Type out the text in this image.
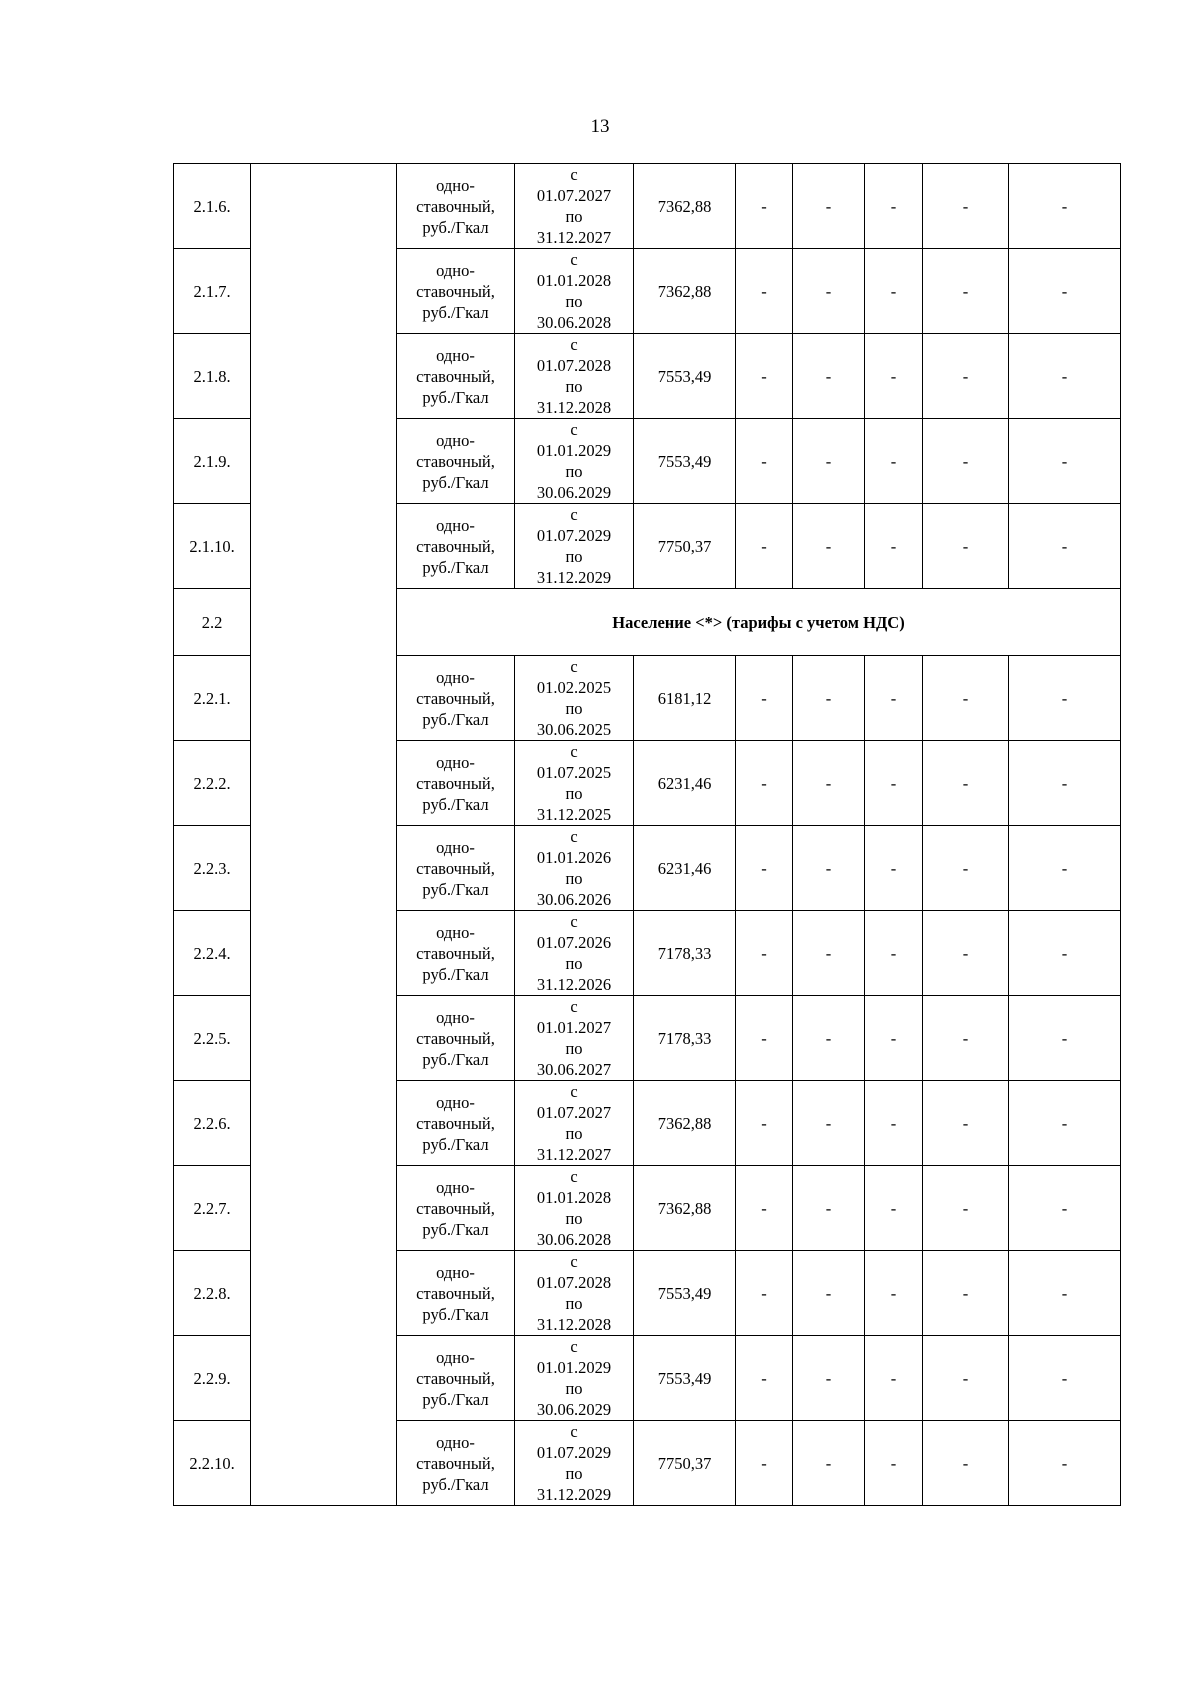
13
2.1.6.		одно-
ставочный,
руб./Гкал	с
01.07.2027
по
31.12.2027	7362,88	-	-	-	-	-
2.1.7.		одно-
ставочный,
руб./Гкал	с
01.01.2028
по
30.06.2028	7362,88	-	-	-	-	-
2.1.8.		одно-
ставочный,
руб./Гкал	с
01.07.2028
по
31.12.2028	7553,49	-	-	-	-	-
2.1.9.		одно-
ставочный,
руб./Гкал	с
01.01.2029
по
30.06.2029	7553,49	-	-	-	-	-
2.1.10.		одно-
ставочный,
руб./Гкал	с
01.07.2029
по
31.12.2029	7750,37	-	-	-	-	-
2.2		Население <*> (тарифы с учетом НДС)							
2.2.1.		одно-
ставочный,
руб./Гкал	с
01.02.2025
по
30.06.2025	6181,12	-	-	-	-	-
2.2.2.		одно-
ставочный,
руб./Гкал	с
01.07.2025
по
31.12.2025	6231,46	-	-	-	-	-
2.2.3.		одно-
ставочный,
руб./Гкал	с
01.01.2026
по
30.06.2026	6231,46	-	-	-	-	-
2.2.4.		одно-
ставочный,
руб./Гкал	с
01.07.2026
по
31.12.2026	7178,33	-	-	-	-	-
2.2.5.		одно-
ставочный,
руб./Гкал	с
01.01.2027
по
30.06.2027	7178,33	-	-	-	-	-
2.2.6.		одно-
ставочный,
руб./Гкал	с
01.07.2027
по
31.12.2027	7362,88	-	-	-	-	-
2.2.7.		одно-
ставочный,
руб./Гкал	с
01.01.2028
по
30.06.2028	7362,88	-	-	-	-	-
2.2.8.		одно-
ставочный,
руб./Гкал	с
01.07.2028
по
31.12.2028	7553,49	-	-	-	-	-
2.2.9.		одно-
ставочный,
руб./Гкал	с
01.01.2029
по
30.06.2029	7553,49	-	-	-	-	-
2.2.10.		одно-
ставочный,
руб./Гкал	с
01.07.2029
по
31.12.2029	7750,37	-	-	-	-	-
